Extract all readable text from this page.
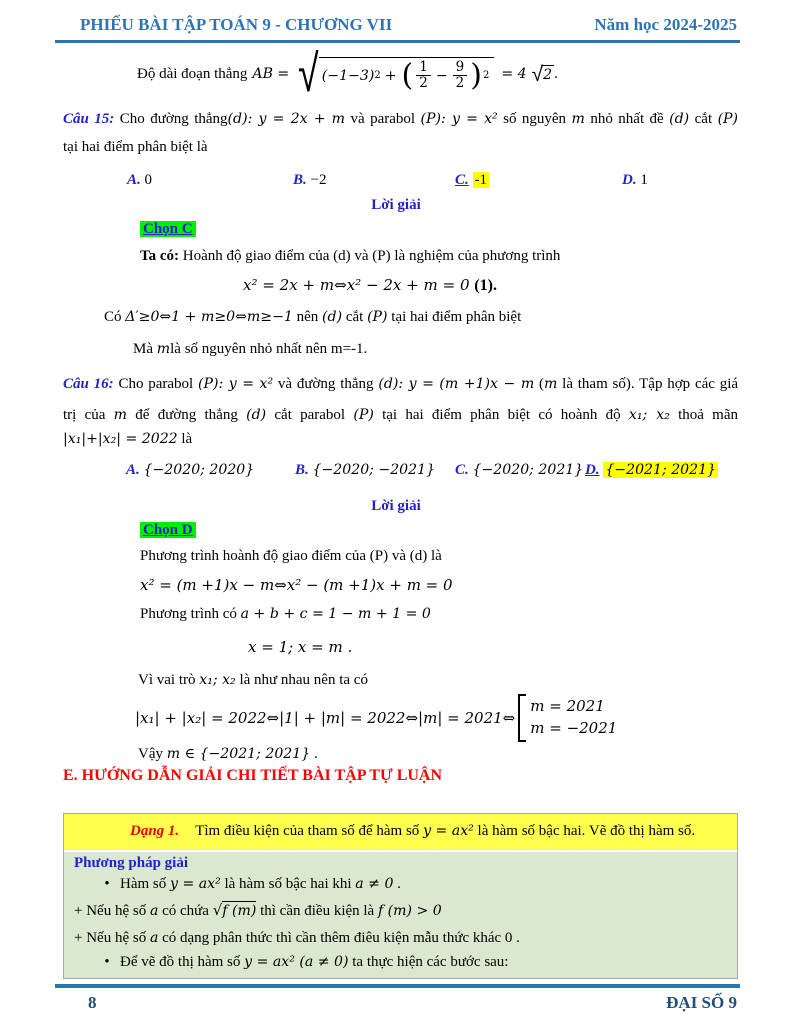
PHIẾU BÀI TẬP TOÁN 9 - CHƯƠNG VII	Năm học 2024-2025
Độ dài đoạn thẳng AB = √ (−1−3) 2 + ( $\frac{1}{2} - \frac{9}{2}$ ) 2 = 4 √ 2 .
Câu 15: Cho đường thẳng(d): y = 2x + m và parabol (P): y = x² số nguyên m nhỏ nhất đề (d) cắt (P)
tại hai điểm phân biệt là
A. 0	B. −2	C. -1	D. 1
Lời giải
Chọn C
Ta có: Hoành độ giao điểm của (d) và (P) là nghiệm của phương trình
x² = 2x + m⇔x² − 2x + m = 0 (1).
Có Δ′≥0⇔1 + m≥0⇔m≥−1 nên (d) cắt (P) tại hai điểm phân biệt
Mà mlà số nguyên nhỏ nhất nên m=-1.
Câu 16: Cho parabol (P): y = x² và đường thẳng (d): y = (m +1)x − m (m là tham số). Tập hợp các giá
trị của m để đường thẳng (d) cắt parabol (P) tại hai điểm phân biệt có hoành độ x₁; x₂ thoả mãn
|x₁|+|x₂| = 2022 là
A. {−2020; 2020}	B. {−2020; −2021} C. {−2020; 2021} D. {−2021; 2021}
Lời giải
Chọn D
Phương trình hoành độ giao điểm của (P) và (d) là
x² = (m +1)x − m⇔x² − (m +1)x + m = 0
Phương trình có a + b + c = 1 − m + 1 = 0
x = 1; x = m .
Vì vai trò x₁; x₂ là như nhau nên ta có
|x₁| + |x₂| = 2022⇔|1| + |m| = 2022⇔|m| = 2021⇔
m = 2021
m = −2021
Vậy m ∈ {−2021; 2021} .
E. HƯỚNG DẪN GIẢI CHI TIẾT BÀI TẬP TỰ LUẬN
Dạng 1. Tìm điều kiện của tham số để hàm số y = ax² là hàm số bậc hai. Vẽ đồ thị hàm số.
Phương pháp giải
• Hàm số y = ax² là hàm số bậc hai khi a ≠ 0 .
+ Nếu hệ số a có chứa √f (m) thì cần điều kiện là f (m) > 0
+ Nếu hệ số a có dạng phân thức thì cần thêm điêu kiện mẫu thức khác 0 .
• Để vẽ đồ thị hàm số y = ax² (a ≠ 0) ta thực hiện các bước sau:
8	ĐẠI SỐ 9
